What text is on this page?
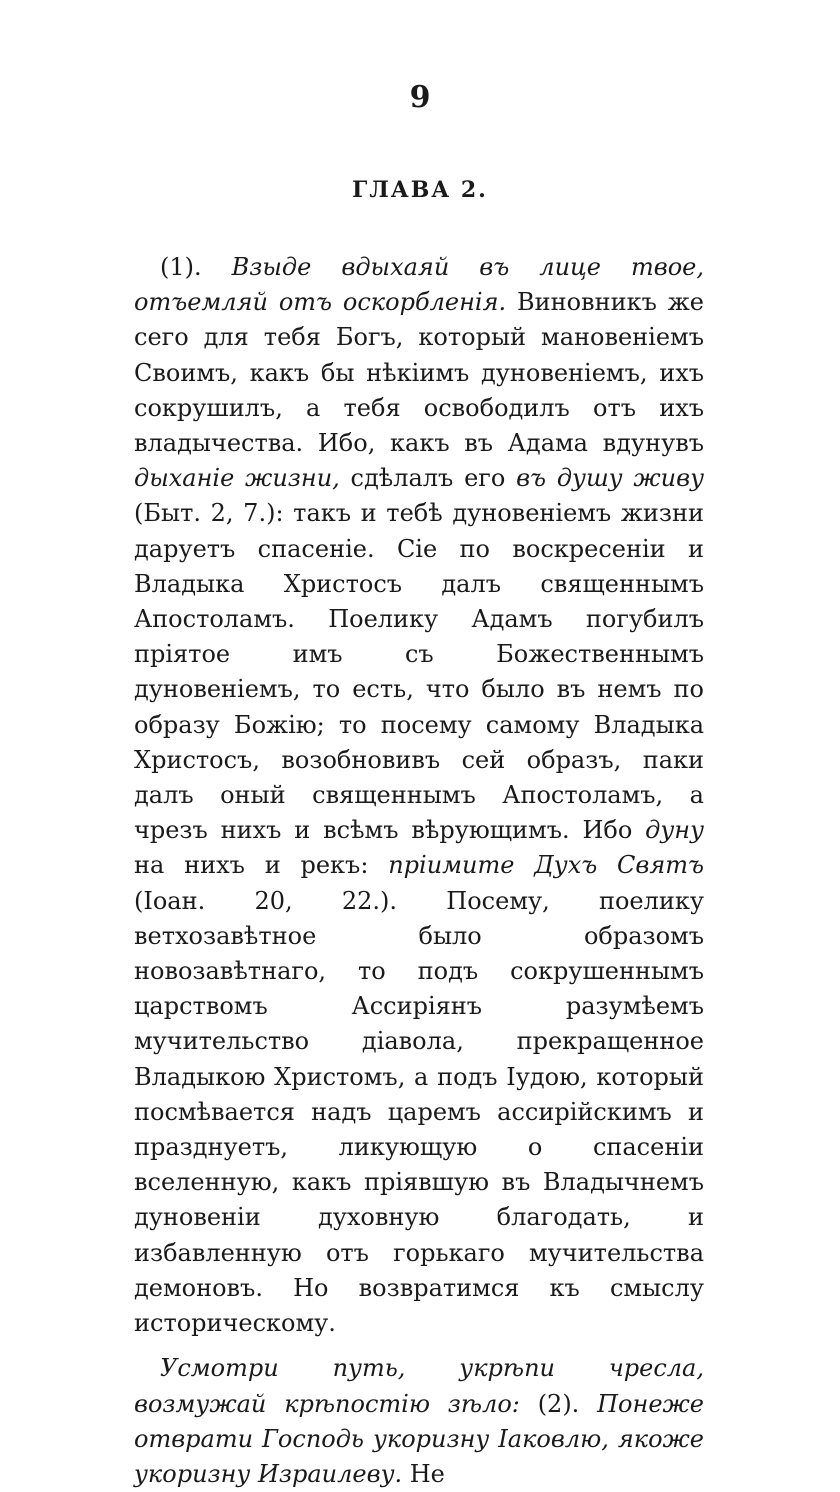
9
ГЛАВА 2.

(1). Взыде вдыхаяй въ лице твое, отъемляй отъ оскорбленія. Виновникъ же сего для тебя Богъ, который мановеніемъ Своимъ, какъ бы нѣкіимъ дуновеніемъ, ихъ сокрушилъ, а тебя освободилъ отъ ихъ владычества. Ибо, какъ въ Адама вдунувъ дыханіе жизни, сдѣлалъ его въ душу живу (Быт. 2, 7.): такъ и тебѣ дуновеніемъ жизни даруетъ спасеніе. Сіе по воскресеніи и Владыка Христосъ далъ священнымъ Апостоламъ. Поелику Адамъ погубилъ пріятое имъ съ Божественнымъ дуновеніемъ, то есть, что было въ немъ по образу Божію; то посему самому Владыка Христосъ, возобновивъ сей образъ, паки далъ оный священнымъ Апостоламъ, а чрезъ нихъ и всѣмъ вѣрующимъ. Ибо дуну на нихъ и рекъ: пріимите Духъ Святъ (Іоан. 20, 22.). Посему, поелику ветхозавѣтное было образомъ новозавѣтнаго, то подъ сокрушеннымъ царствомъ Ассиріянъ разумѣемъ мучительство діавола, прекращенное Владыкою Христомъ, а подъ Іудою, который посмѣвается надъ царемъ ассирійскимъ и празднуетъ, ликующую о спасеніи вселенную, какъ пріявшую въ Владычнемъ дуновеніи духовную благодать, и избавленную отъ горькаго мучительства демоновъ. Но возвратимся къ смыслу историческому.

Усмотри путь, укрѣпи чресла, возмужай крѣпостію зѣло: (2). Понеже отврати Господь укоризну Іаковлю, якоже укоризну Израилеву. Не
